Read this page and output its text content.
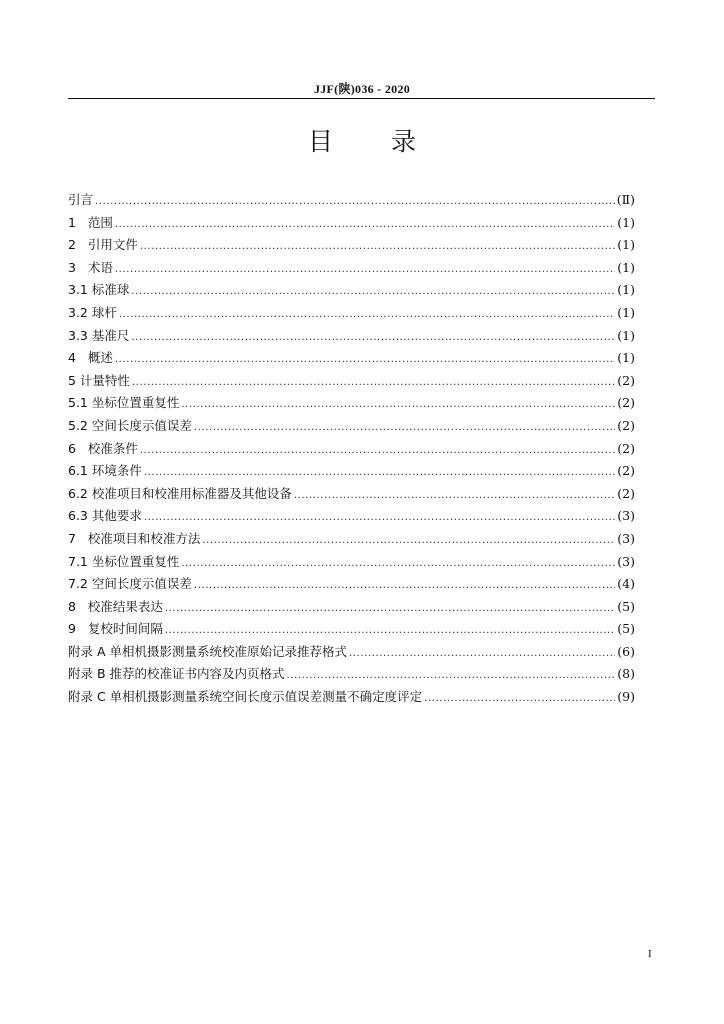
JJF(陕)036 - 2020
目录
引言 .....	(Ⅱ)
1   范围 .....	(1)
2   引用文件 .....	(1)
3   术语 .....	(1)
3.1 标准球 .....	(1)
3.2 球杆 .....	(1)
3.3 基准尺 .....	(1)
4   概述 .....	(1)
5 计量特性 .....	(2)
5.1 坐标位置重复性 .....	(2)
5.2 空间长度示值误差 .....	(2)
6   校准条件 .....	(2)
6.1 环境条件 .....	(2)
6.2 校准项目和校准用标准器及其他设备 .....	(2)
6.3 其他要求 .....	(3)
7   校准项目和校准方法 .....	(3)
7.1 坐标位置重复性 .....	(3)
7.2 空间长度示值误差 .....	(4)
8   校准结果表达 .....	(5)
9   复校时间间隔 .....	(5)
附录 A 单相机摄影测量系统校准原始记录推荐格式 .....	(6)
附录 B 推荐的校准证书内容及内页格式 .....	(8)
附录 C 单相机摄影测量系统空间长度示值误差测量不确定度评定 .....	(9)
I
